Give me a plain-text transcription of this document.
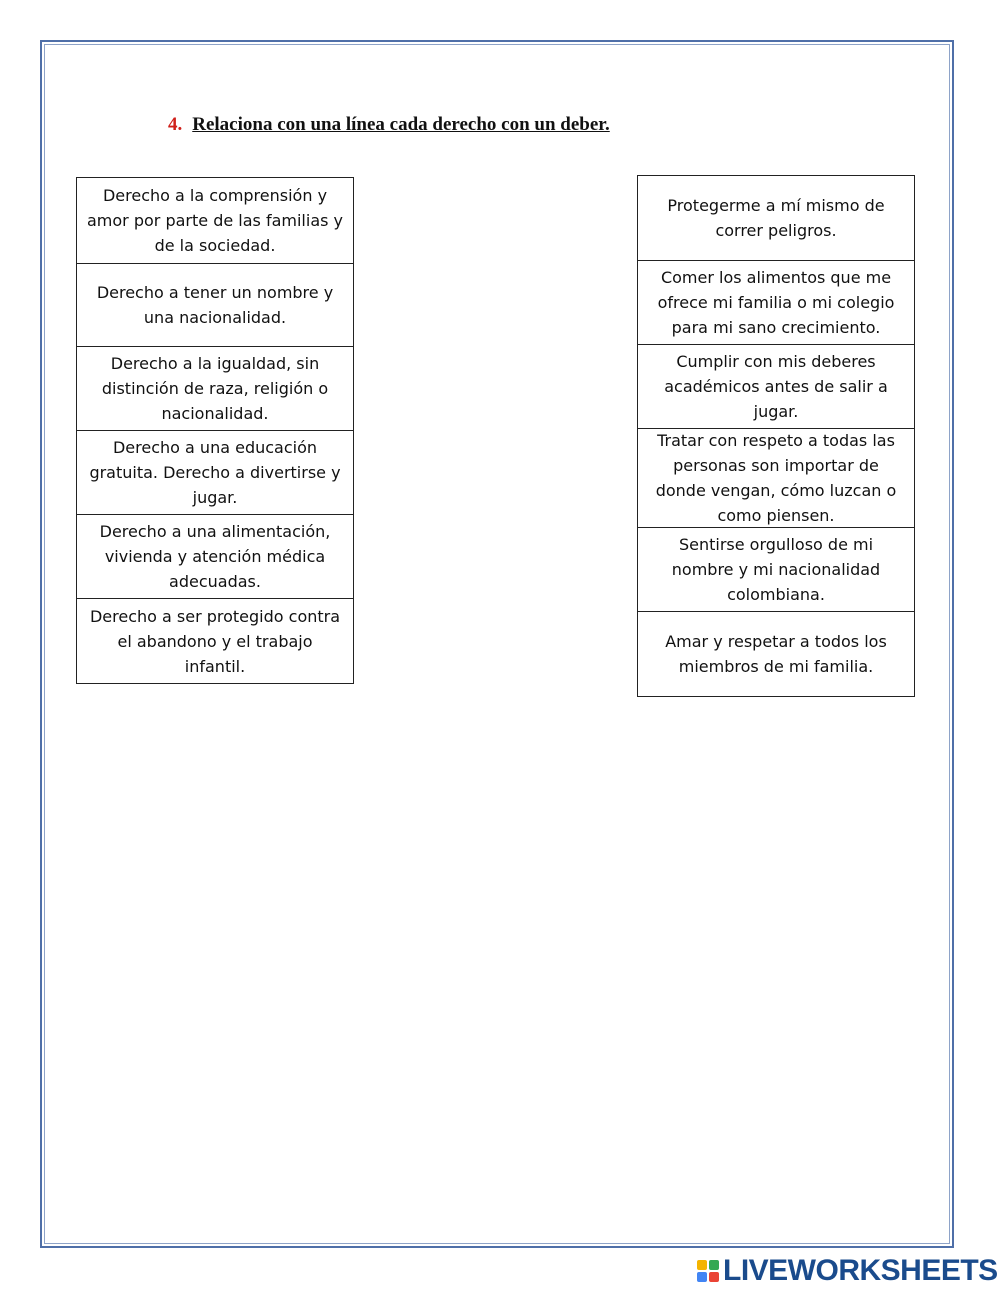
4. Relaciona con una línea cada derecho con un deber.
Derecho a la comprensión y amor por parte de las familias y de la sociedad.
Derecho a tener un nombre y una nacionalidad.
Derecho a la igualdad, sin distinción de raza, religión o nacionalidad.
Derecho a una educación gratuita. Derecho a divertirse y jugar.
Derecho a una alimentación, vivienda y atención médica adecuadas.
Derecho a ser protegido contra el abandono y el trabajo infantil.
Protegerme a mí mismo de correr peligros.
Comer los alimentos que me ofrece mi familia o mi colegio para mi sano crecimiento.
Cumplir con mis deberes académicos antes de salir a jugar.
Tratar con respeto a todas las personas son importar de donde vengan, cómo luzcan o como piensen.
Sentirse orgulloso de mi nombre y mi nacionalidad colombiana.
Amar y respetar a todos los miembros de mi familia.
LIVEWORKSHEETS
